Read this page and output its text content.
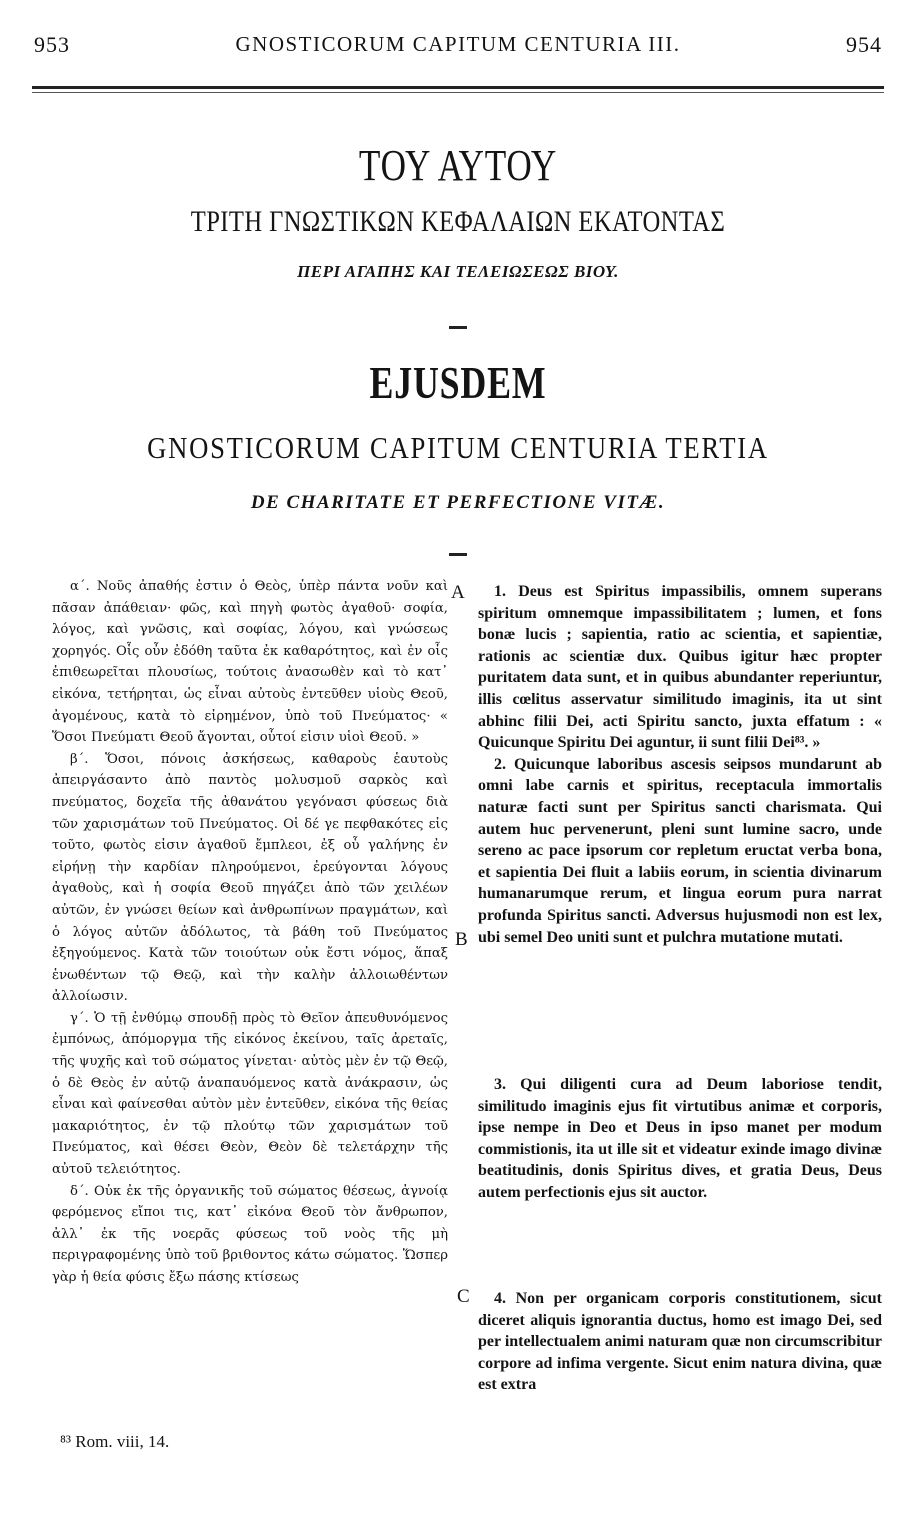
953	GNOSTICORUM CAPITUM CENTURIA III.	954
ΤΟΥ ΑΥΤΟΥ
ΤΡΙΤΗ ΓΝΩΣΤΙΚΩΝ ΚΕΦΑΛΑΙΩΝ ΕΚΑΤΟΝΤΑΣ
ΠΕΡΙ ΑΓΑΠΗΣ ΚΑΙ ΤΕΛΕΙΩΣΕΩΣ ΒΙΟΥ.
EJUSDEM
GNOSTICORUM CAPITUM CENTURIA TERTIA
DE CHARITATE ET PERFECTIONE VITÆ.

α΄. Νοῦς ἀπαθής ἐστιν ὁ Θεὸς, ὑπὲρ πάντα νοῦν καὶ πᾶσαν ἀπάθειαν· φῶς, καὶ πηγὴ φωτὸς ἀγαθοῦ· σοφία, λόγος, καὶ γνῶσις, καὶ σοφίας, λόγου, καὶ γνώσεως χορηγός. Οἷς οὖν ἐδόθη ταῦτα ἐκ καθαρότητος, καὶ ἐν οἷς ἐπιθεωρεῖται πλουσίως, τούτοις ἀνασωθὲν καὶ τὸ κατ᾽ εἰκόνα, τετήρηται, ὡς εἶναι αὐτοὺς ἐντεῦθεν υἱοὺς Θεοῦ, ἀγομένους, κατὰ τὸ εἰρημένον, ὑπὸ τοῦ Πνεύματος· « Ὅσοι Πνεύματι Θεοῦ ἄγονται, οὗτοί εἰσιν υἱοὶ Θεοῦ. »

β΄. Ὅσοι, πόνοις ἀσκήσεως, καθαροὺς ἑαυτοὺς ἀπειργάσαντο ἀπὸ παντὸς μολυσμοῦ σαρκὸς καὶ πνεύματος, δοχεῖα τῆς ἀθανάτου γεγόνασι φύσεως διὰ τῶν χαρισμάτων τοῦ Πνεύματος. Οἱ δέ γε πεφθακότες εἰς τοῦτο, φωτὸς εἰσιν ἀγαθοῦ ἔμπλεοι, ἐξ οὗ γαλήνης ἐν εἰρήνῃ τὴν καρδίαν πληρούμενοι, ἐρεύγονται λόγους ἀγαθοὺς, καὶ ἡ σοφία Θεοῦ πηγάζει ἀπὸ τῶν χειλέων αὐτῶν, ἐν γνώσει θείων καὶ ἀνθρωπίνων πραγμάτων, καὶ ὁ λόγος αὐτῶν ἀδόλωτος, τὰ βάθη τοῦ Πνεύματος ἐξηγούμενος. Κατὰ τῶν τοιούτων οὐκ ἔστι νόμος, ἅπαξ ἑνωθέντων τῷ Θεῷ, καὶ τὴν καλὴν ἀλλοιωθέντων ἀλλοίωσιν.

γ΄. Ὁ τῇ ἐνθύμῳ σπουδῇ πρὸς τὸ Θεῖον ἀπευθυνόμενος ἐμπόνως, ἀπόμοργμα τῆς εἰκόνος ἐκείνου, ταῖς ἀρεταῖς, τῆς ψυχῆς καὶ τοῦ σώματος γίνεται· αὐτὸς μὲν ἐν τῷ Θεῷ, ὁ δὲ Θεὸς ἐν αὐτῷ ἀναπαυόμενος κατὰ ἀνάκρασιν, ὡς εἶναι καὶ φαίνεσθαι αὐτὸν μὲν ἐντεῦθεν, εἰκόνα τῆς θείας μακαριότητος, ἐν τῷ πλούτῳ τῶν χαρισμάτων τοῦ Πνεύματος, καὶ θέσει Θεὸν, Θεὸν δὲ τελετάρχην τῆς αὐτοῦ τελειότητος.

δ΄. Οὐκ ἐκ τῆς ὀργανικῆς τοῦ σώματος θέσεως, ἀγνοίᾳ φερόμενος εἴποι τις, κατ᾽ εἰκόνα Θεοῦ τὸν ἄνθρωπον, ἀλλ᾽ ἐκ τῆς νοερᾶς φύσεως τοῦ νοὸς τῆς μὴ περιγραφομένης ὑπὸ τοῦ βριθοντος κάτω σώματος. Ὥσπερ γὰρ ἡ θεία φύσις ἔξω πάσης κτίσεως

A
B
C

1. Deus est Spiritus impassibilis, omnem superans spiritum omnemque impassibilitatem ; lumen, et fons bonæ lucis ; sapientia, ratio ac scientia, et sapientiæ, rationis ac scientiæ dux. Quibus igitur hæc propter puritatem data sunt, et in quibus abundanter reperiuntur, illis cœlitus asservatur similitudo imaginis, ita ut sint abhinc filii Dei, acti Spiritu sancto, juxta effatum : « Quicunque Spiritu Dei aguntur, ii sunt filii Dei⁸³. »

2. Quicunque laboribus ascesis seipsos mundarunt ab omni labe carnis et spiritus, receptacula immortalis naturæ facti sunt per Spiritus sancti charismata. Qui autem huc pervenerunt, pleni sunt lumine sacro, unde sereno ac pace ipsorum cor repletum eructat verba bona, et sapientia Dei fluit a labiis eorum, in scientia divinarum humanarumque rerum, et lingua eorum pura narrat profunda Spiritus sancti. Adversus hujusmodi non est lex, ubi semel Deo uniti sunt et pulchra mutatione mutati.

3. Qui diligenti cura ad Deum laboriose tendit, similitudo imaginis ejus fit virtutibus animæ et corporis, ipse nempe in Deo et Deus in ipso manet per modum commistionis, ita ut ille sit et videatur exinde imago divinæ beatitudinis, donis Spiritus dives, et gratia Deus, Deus autem perfectionis ejus sit auctor.

4. Non per organicam corporis constitutionem, sicut diceret aliquis ignorantia ductus, homo est imago Dei, sed per intellectualem animi naturam quæ non circumscribitur corpore ad infima vergente. Sicut enim natura divina, quæ est extra

⁸³ Rom. viii, 14.
